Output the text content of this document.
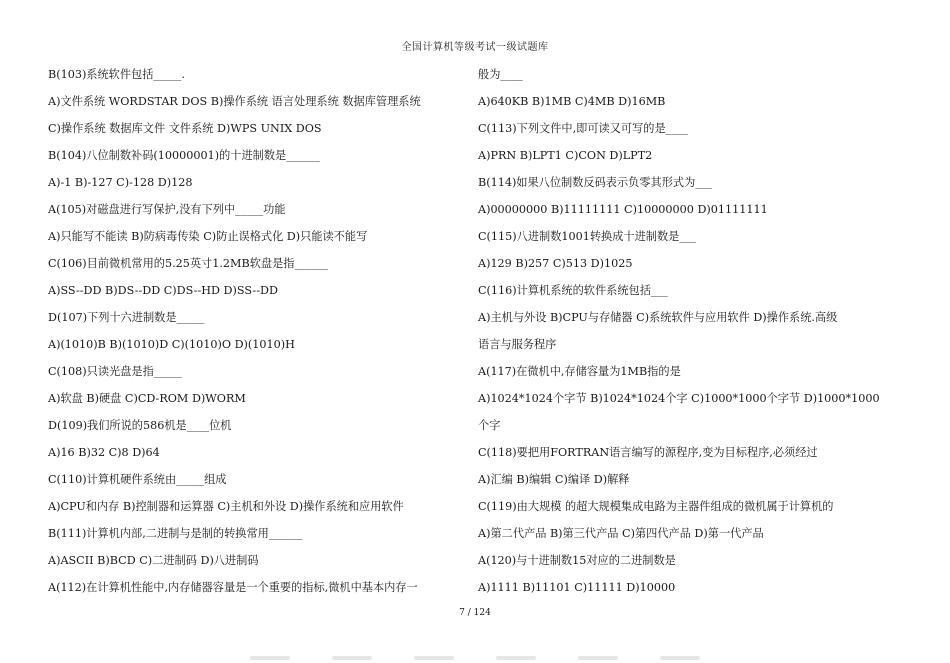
全国计算机等级考试一级试题库
B(103)系统软件包括_____.
A)文件系统 WORDSTAR DOS B)操作系统 语言处理系统 数据库管理系统
C)操作系统 数据库文件 文件系统 D)WPS UNIX DOS
B(104)八位制数补码(10000001)的十进制数是______
A)-1 B)-127 C)-128 D)128
A(105)对磁盘进行写保护,没有下列中_____功能
A)只能写不能读 B)防病毒传染 C)防止误格式化 D)只能读不能写
C(106)目前微机常用的5.25英寸1.2MB软盘是指______
A)SS--DD B)DS--DD C)DS--HD D)SS--DD
D(107)下列十六进制数是_____
A)(1010)B B)(1010)D C)(1010)O D)(1010)H
C(108)只读光盘是指_____
A)软盘 B)硬盘 C)CD-ROM D)WORM
D(109)我们所说的586机是____位机
A)16 B)32 C)8 D)64
C(110)计算机硬件系统由_____组成
A)CPU和内存 B)控制器和运算器 C)主机和外设 D)操作系统和应用软件
B(111)计算机内部,二进制与是制的转换常用______
A)ASCII B)BCD C)二进制码 D)八进制码
A(112)在计算机性能中,内存储器容量是一个重要的指标,微机中基本内存一
般为____
A)640KB B)1MB C)4MB D)16MB
C(113)下列文件中,即可读又可写的是____
A)PRN B)LPT1 C)CON D)LPT2
B(114)如果八位制数反码表示负零其形式为___
A)00000000 B)11111111 C)10000000 D)01111111
C(115)八进制数1001转换成十进制数是___
A)129 B)257 C)513 D)1025
C(116)计算机系统的软件系统包括___
A)主机与外设 B)CPU与存储器 C)系统软件与应用软件 D)操作系统.高级
语言与服务程序
A(117)在微机中,存储容量为1MB指的是
A)1024*1024个字节 B)1024*1024个字 C)1000*1000个字节 D)1000*1000
个字
C(118)要把用FORTRAN语言编写的源程序,变为目标程序,必须经过
A)汇编 B)编辑 C)编译 D)解释
C(119)由大规模 的超大规模集成电路为主器件组成的微机属于计算机的
A)第二代产品 B)第三代产品 C)第四代产品 D)第一代产品
A(120)与十进制数15对应的二进制数是
A)1111 B)11101 C)11111 D)10000
7 / 124
